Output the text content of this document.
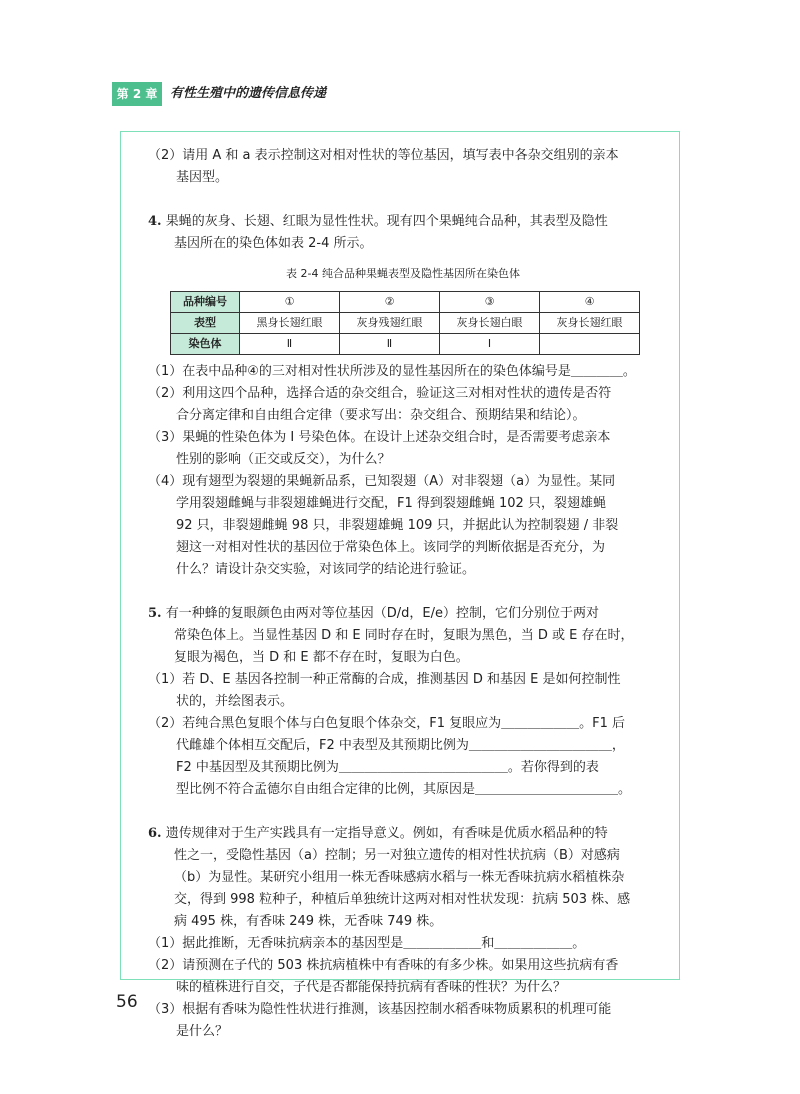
第 2 章 有性生殖中的遗传信息传递
（2）请用 A 和 a 表示控制这对相对性状的等位基因，填写表中各杂交组别的亲本
基因型。
4. 果蝇的灰身、长翅、红眼为显性性状。现有四个果蝇纯合品种，其表型及隐性
基因所在的染色体如表 2-4 所示。
表 2-4 纯合品种果蝇表型及隐性基因所在染色体
品种编号	①	②	③	④
表型	黑身长翅红眼	灰身残翅红眼	灰身长翅白眼	灰身长翅红眼
染色体	Ⅱ	Ⅱ	Ⅰ	
（1）在表中品种④的三对相对性状所涉及的显性基因所在的染色体编号是＿＿＿＿。
（2）利用这四个品种，选择合适的杂交组合，验证这三对相对性状的遗传是否符
合分离定律和自由组合定律（要求写出：杂交组合、预期结果和结论）。
（3）果蝇的性染色体为 I 号染色体。在设计上述杂交组合时，是否需要考虑亲本
性别的影响（正交或反交），为什么？
（4）现有翅型为裂翅的果蝇新品系，已知裂翅（A）对非裂翅（a）为显性。某同
学用裂翅雌蝇与非裂翅雄蝇进行交配，F1 得到裂翅雌蝇 102 只，裂翅雄蝇
92 只，非裂翅雌蝇 98 只，非裂翅雄蝇 109 只，并据此认为控制裂翅 / 非裂
翅这一对相对性状的基因位于常染色体上。该同学的判断依据是否充分，为
什么？请设计杂交实验，对该同学的结论进行验证。
5. 有一种蜂的复眼颜色由两对等位基因（D/d，E/e）控制，它们分别位于两对
常染色体上。当显性基因 D 和 E 同时存在时，复眼为黑色，当 D 或 E 存在时，
复眼为褐色，当 D 和 E 都不存在时，复眼为白色。
（1）若 D、E 基因各控制一种正常酶的合成，推测基因 D 和基因 E 是如何控制性
状的，并绘图表示。
（2）若纯合黑色复眼个体与白色复眼个体杂交，F1 复眼应为＿＿＿＿＿＿。F1 后
代雌雄个体相互交配后，F2 中表型及其预期比例为＿＿＿＿＿＿＿＿＿＿＿，
F2 中基因型及其预期比例为＿＿＿＿＿＿＿＿＿＿＿＿＿。若你得到的表
型比例不符合孟德尔自由组合定律的比例，其原因是＿＿＿＿＿＿＿＿＿＿＿。
6. 遗传规律对于生产实践具有一定指导意义。例如，有香味是优质水稻品种的特
性之一，受隐性基因（a）控制；另一对独立遗传的相对性状抗病（B）对感病
（b）为显性。某研究小组用一株无香味感病水稻与一株无香味抗病水稻植株杂
交，得到 998 粒种子，种植后单独统计这两对相对性状发现：抗病 503 株、感
病 495 株，有香味 249 株，无香味 749 株。
（1）据此推断，无香味抗病亲本的基因型是＿＿＿＿＿＿和＿＿＿＿＿＿。
（2）请预测在子代的 503 株抗病植株中有香味的有多少株。如果用这些抗病有香
味的植株进行自交，子代是否都能保持抗病有香味的性状？为什么？
（3）根据有香味为隐性性状进行推测，该基因控制水稻香味物质累积的机理可能
是什么？
56
